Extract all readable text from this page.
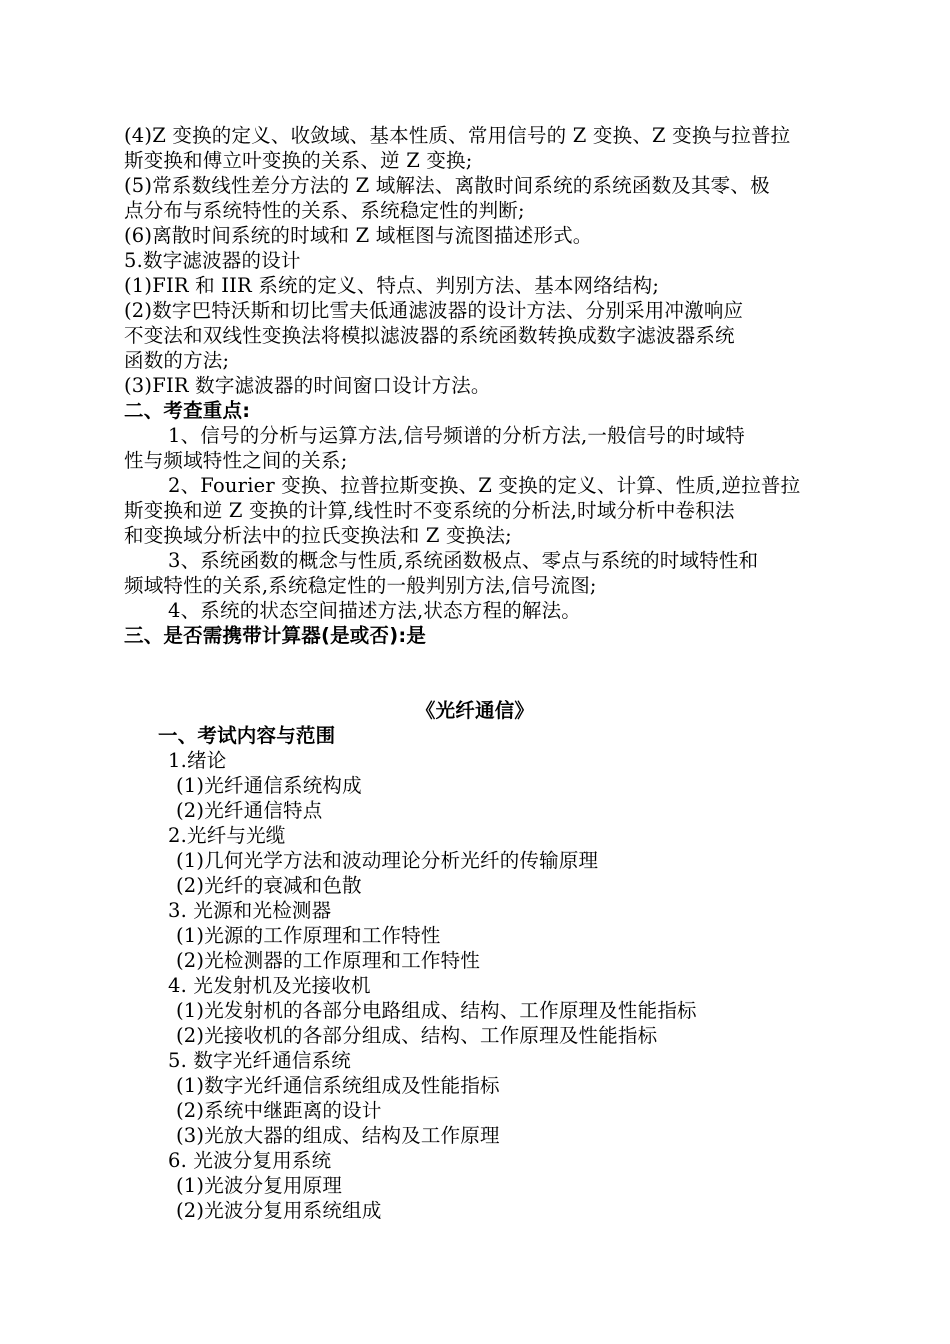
(4)Z 变换的定义、收敛域、基本性质、常用信号的 Z 变换、Z 变换与拉普拉
斯变换和傅立叶变换的关系、逆 Z 变换;
(5)常系数线性差分方法的 Z 域解法、离散时间系统的系统函数及其零、极
点分布与系统特性的关系、系统稳定性的判断;
(6)离散时间系统的时域和 Z 域框图与流图描述形式。
5.数字滤波器的设计
(1)FIR 和 IIR 系统的定义、特点、判别方法、基本网络结构;
(2)数字巴特沃斯和切比雪夫低通滤波器的设计方法、分别采用冲激响应
不变法和双线性变换法将模拟滤波器的系统函数转换成数字滤波器系统
函数的方法;
(3)FIR 数字滤波器的时间窗口设计方法。
二、考查重点:
1、信号的分析与运算方法,信号频谱的分析方法,一般信号的时域特
性与频域特性之间的关系;
2、Fourier 变换、拉普拉斯变换、Z 变换的定义、计算、性质,逆拉普拉
斯变换和逆 Z 变换的计算,线性时不变系统的分析法,时域分析中卷积法
和变换域分析法中的拉氏变换法和 Z 变换法;
3、系统函数的概念与性质,系统函数极点、零点与系统的时域特性和
频域特性的关系,系统稳定性的一般判别方法,信号流图;
4、系统的状态空间描述方法,状态方程的解法。
三、是否需携带计算器(是或否):是
《光纤通信》
一、考试内容与范围
1.绪论
(1)光纤通信系统构成
(2)光纤通信特点
2.光纤与光缆
(1)几何光学方法和波动理论分析光纤的传输原理
(2)光纤的衰减和色散
3. 光源和光检测器
(1)光源的工作原理和工作特性
(2)光检测器的工作原理和工作特性
4. 光发射机及光接收机
(1)光发射机的各部分电路组成、结构、工作原理及性能指标
(2)光接收机的各部分组成、结构、工作原理及性能指标
5. 数字光纤通信系统
(1)数字光纤通信系统组成及性能指标
(2)系统中继距离的设计
(3)光放大器的组成、结构及工作原理
6. 光波分复用系统
(1)光波分复用原理
(2)光波分复用系统组成
